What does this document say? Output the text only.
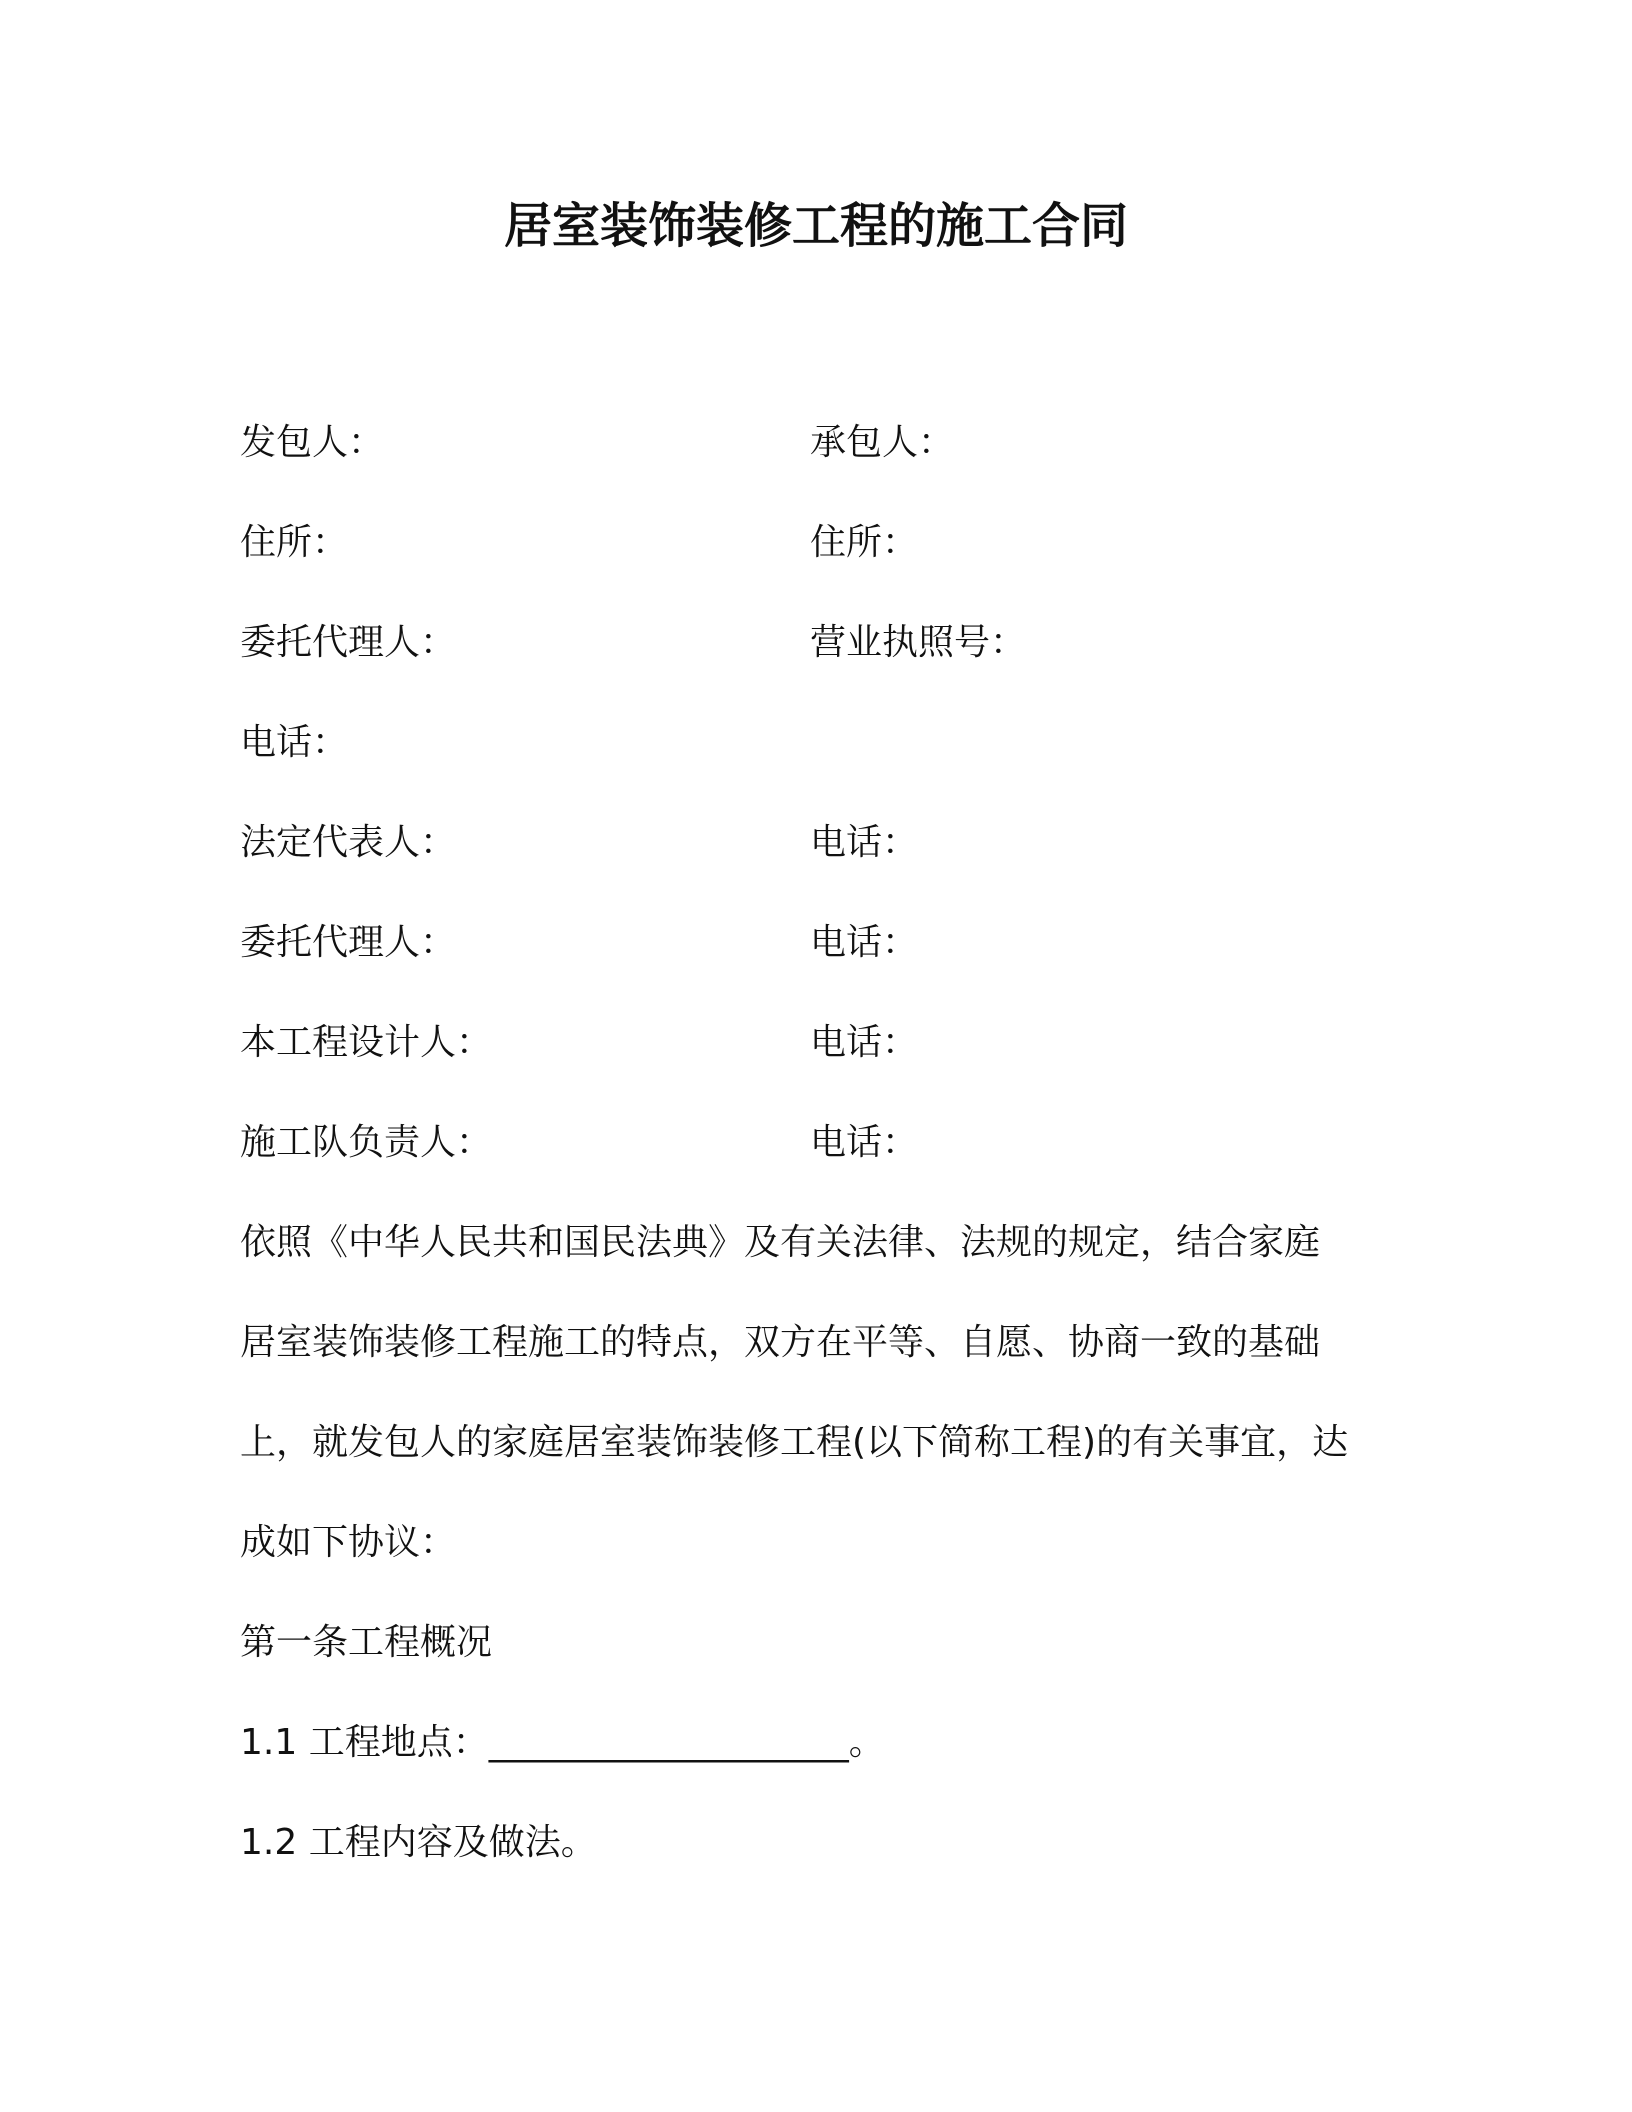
居室装饰装修工程的施工合同
发包人：	承包人：
住所：	住所：
委托代理人：	营业执照号：
电话：
法定代表人：	电话：
委托代理人：	电话：
本工程设计人：	电话：
施工队负责人：	电话：
依照《中华人民共和国民法典》及有关法律、法规的规定，结合家庭
居室装饰装修工程施工的特点，双方在平等、自愿、协商一致的基础
上，就发包人的家庭居室装饰装修工程(以下简称工程)的有关事宜，达
成如下协议：
第一条工程概况
1.1 工程地点：____________________。
1.2 工程内容及做法。
